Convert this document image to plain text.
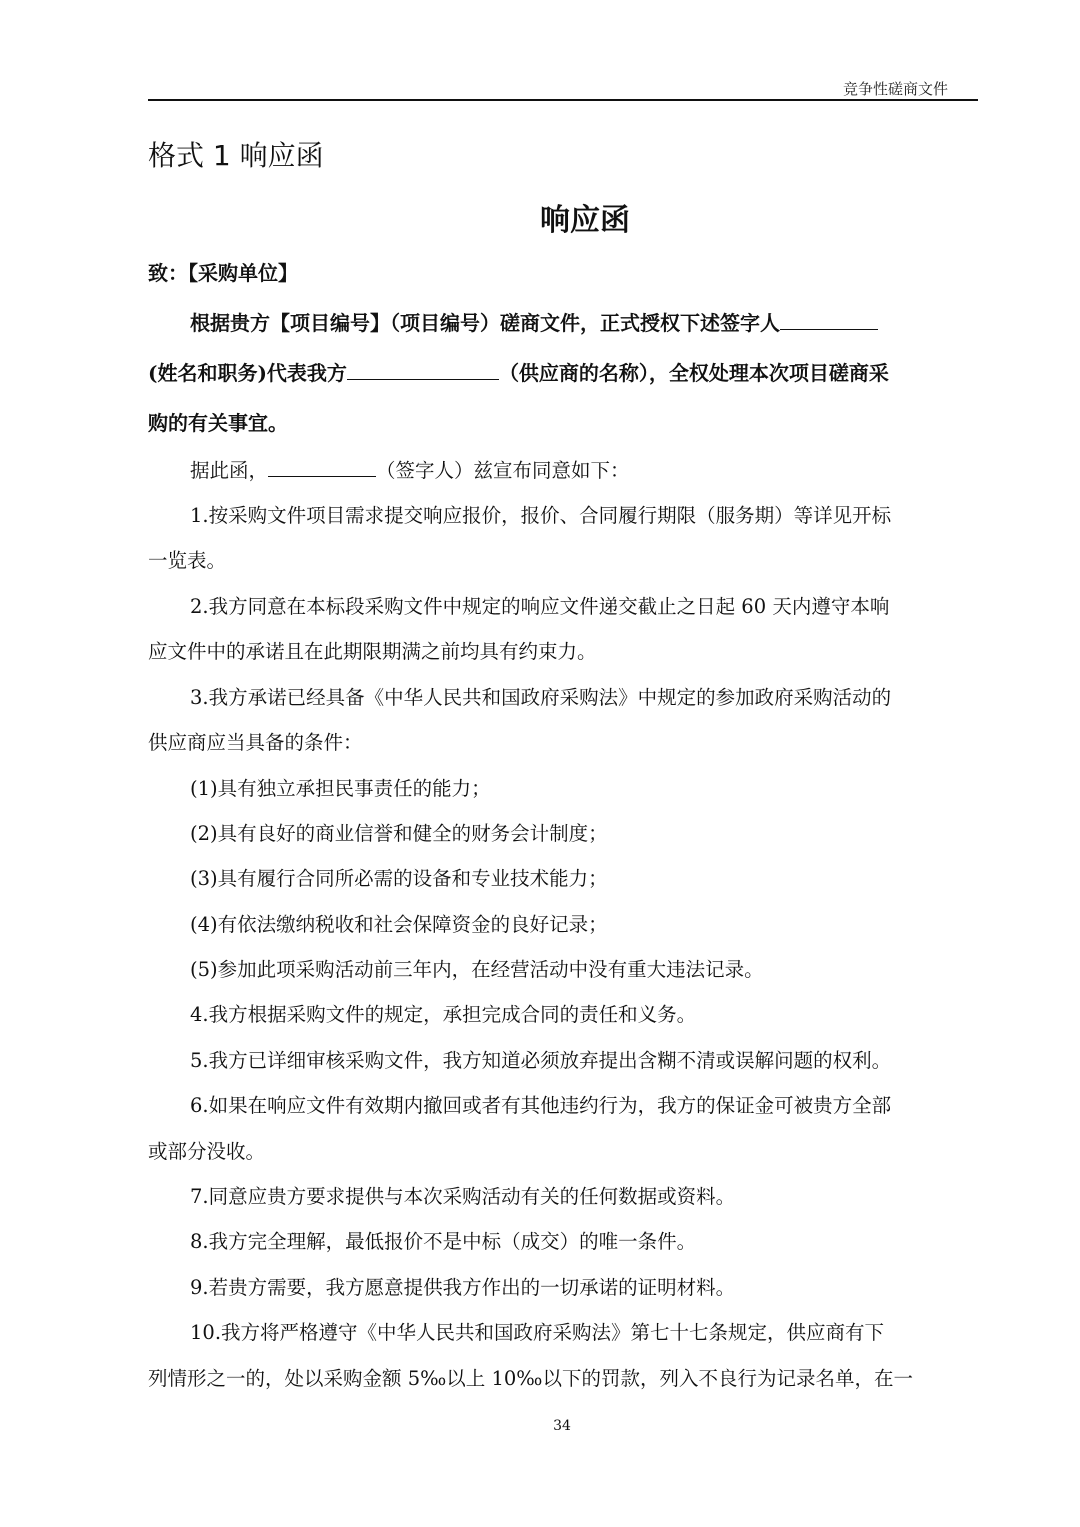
竞争性磋商文件
格式 1 响应函
响应函
致：【采购单位】
根据贵方【项目编号】（项目编号）磋商文件，正式授权下述签字人
(姓名和职务)代表我方	（供应商的名称），全权处理本次项目磋商采
购的有关事宜。
据此函，	（签字人）兹宣布同意如下：
1.按采购文件项目需求提交响应报价，报价、合同履行期限（服务期）等详见开标
一览表。
2.我方同意在本标段采购文件中规定的响应文件递交截止之日起 60 天内遵守本响
应文件中的承诺且在此期限期满之前均具有约束力。
3.我方承诺已经具备《中华人民共和国政府采购法》中规定的参加政府采购活动的
供应商应当具备的条件：
(1)具有独立承担民事责任的能力；
(2)具有良好的商业信誉和健全的财务会计制度；
(3)具有履行合同所必需的设备和专业技术能力；
(4)有依法缴纳税收和社会保障资金的良好记录；
(5)参加此项采购活动前三年内，在经营活动中没有重大违法记录。
4.我方根据采购文件的规定，承担完成合同的责任和义务。
5.我方已详细审核采购文件，我方知道必须放弃提出含糊不清或误解问题的权利。
6.如果在响应文件有效期内撤回或者有其他违约行为，我方的保证金可被贵方全部
或部分没收。
7.同意应贵方要求提供与本次采购活动有关的任何数据或资料。
8.我方完全理解，最低报价不是中标（成交）的唯一条件。
9.若贵方需要，我方愿意提供我方作出的一切承诺的证明材料。
10.我方将严格遵守《中华人民共和国政府采购法》第七十七条规定，供应商有下
列情形之一的，处以采购金额 5‰以上 10‰以下的罚款，列入不良行为记录名单，在一
34
